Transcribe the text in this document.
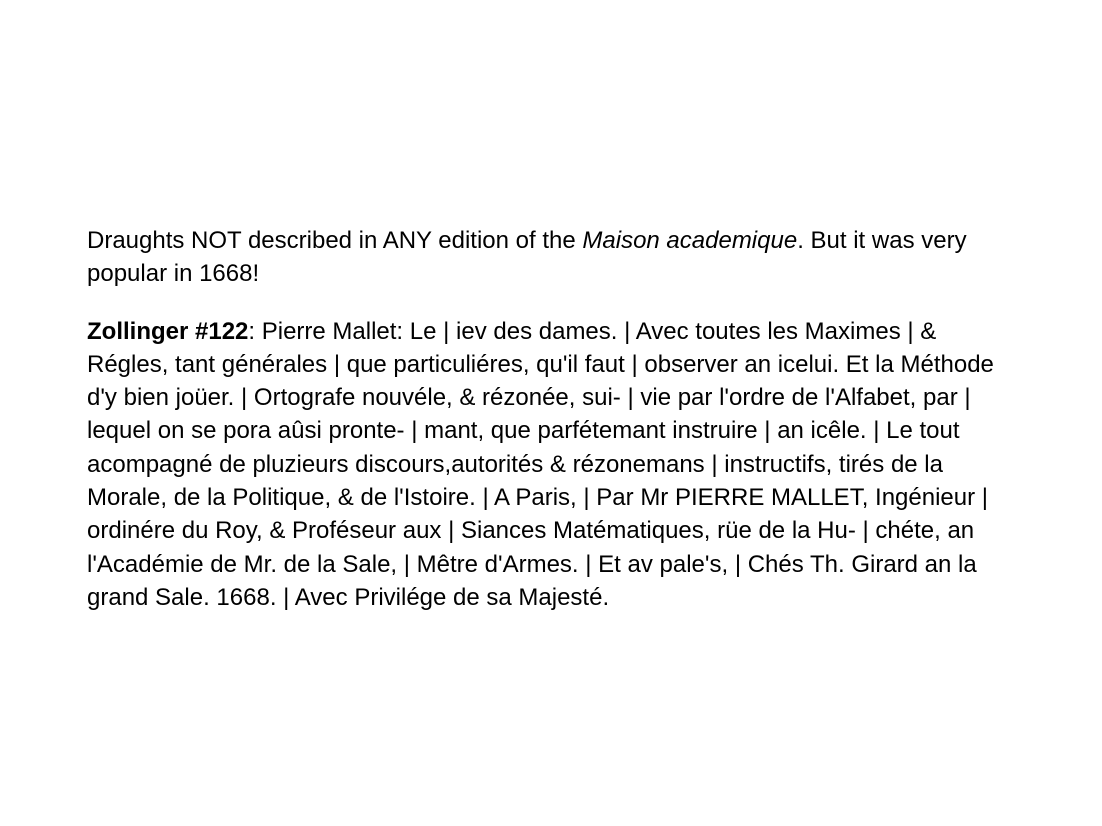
Draughts NOT described in ANY edition of the Maison academique. But it was very popular in 1668!

Zollinger #122: Pierre Mallet: Le | iev des dames. | Avec toutes les Maximes | & Régles, tant générales | que particuliéres, qu'il faut | observer an icelui. Et la Méthode d'y bien joüer. | Ortografe nouvéle, & rézonée, sui- | vie par l'ordre de l'Alfabet, par | lequel on se pora aûsi pronte- | mant, que parfétemant instruire | an icêle. | Le tout acompagné de pluzieurs discours,autorités & rézonemans | instructifs, tirés de la Morale, de la Politique, & de l'Istoire. | A Paris, | Par Mr PIERRE MALLET, Ingénieur | ordinére du Roy, & Proféseur aux | Siances Matématiques, rüe de la Hu- | chéte, an l'Académie de Mr. de la Sale, | Mêtre d'Armes. | Et av pale's, | Chés Th. Girard an la grand Sale. 1668. | Avec Privilége de sa Majesté.
